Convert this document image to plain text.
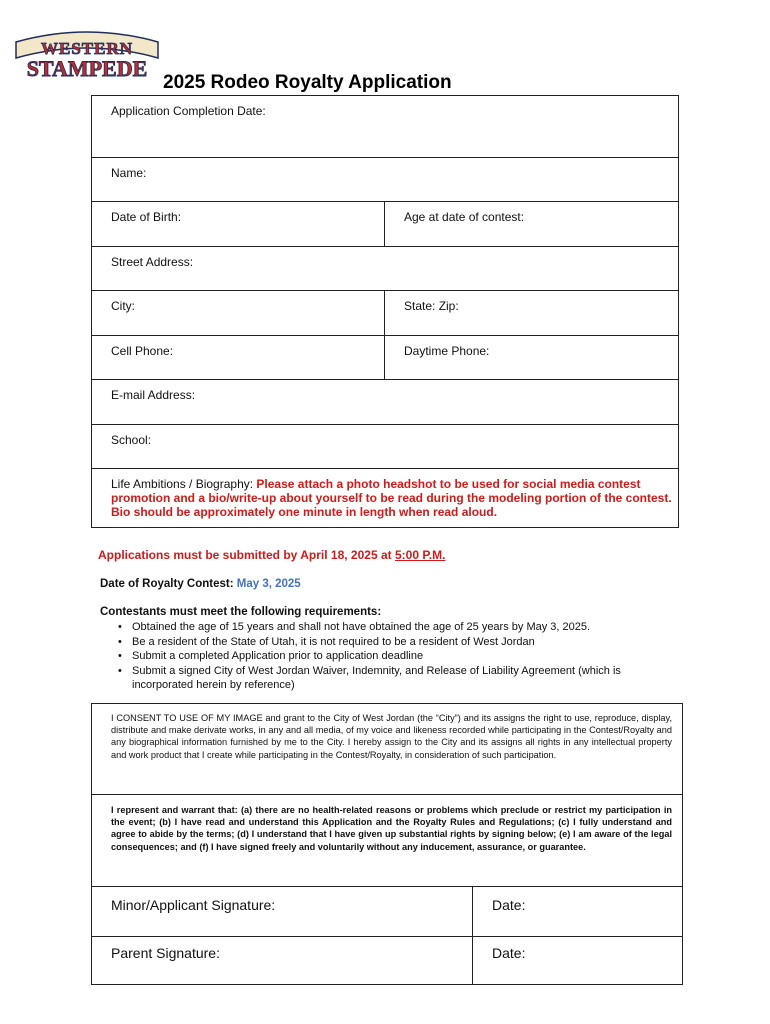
WESTERN
STAMPEDE
2025 Rodeo Royalty Application
Application Completion Date:
Name:
Date of Birth:	Age at date of contest:
Street Address:
City:	State: Zip:
Cell Phone:	Daytime Phone:
E-mail Address:
School:
Life Ambitions / Biography: Please attach a photo headshot to be used for social media contest
promotion and a bio/write-up about yourself to be read during the modeling portion of the contest.
Bio should be approximately one minute in length when read aloud.
Applications must be submitted by April 18, 2025 at 5:00 P.M.
Date of Royalty Contest: May 3, 2025
Contestants must meet the following requirements:
• Obtained the age of 15 years and shall not have obtained the age of 25 years by May 3, 2025.
• Be a resident of the State of Utah, it is not required to be a resident of West Jordan
• Submit a completed Application prior to application deadline
• Submit a signed City of West Jordan Waiver, Indemnity, and Release of Liability Agreement (which is incorporated herein by reference)
I CONSENT TO USE OF MY IMAGE and grant to the City of West Jordan (the “City”) and its assigns the right to use, reproduce, display, distribute and make derivate works, in any and all media, of my voice and likeness recorded while participating in the Contest/Royalty and any biographical information furnished by me to the City. I hereby assign to the City and its assigns all rights in any intellectual property and work product that I create while participating in the Contest/Royalty, in consideration of such participation.
I represent and warrant that: (a) there are no health-related reasons or problems which preclude or restrict my participation in the event; (b) I have read and understand this Application and the Royalty Rules and Regulations; (c) I fully understand and agree to abide by the terms; (d) I understand that I have given up substantial rights by signing below; (e) I am aware of the legal consequences; and (f) I have signed freely and voluntarily without any inducement, assurance, or guarantee.
Minor/Applicant Signature:	Date:
Parent Signature:	Date:
